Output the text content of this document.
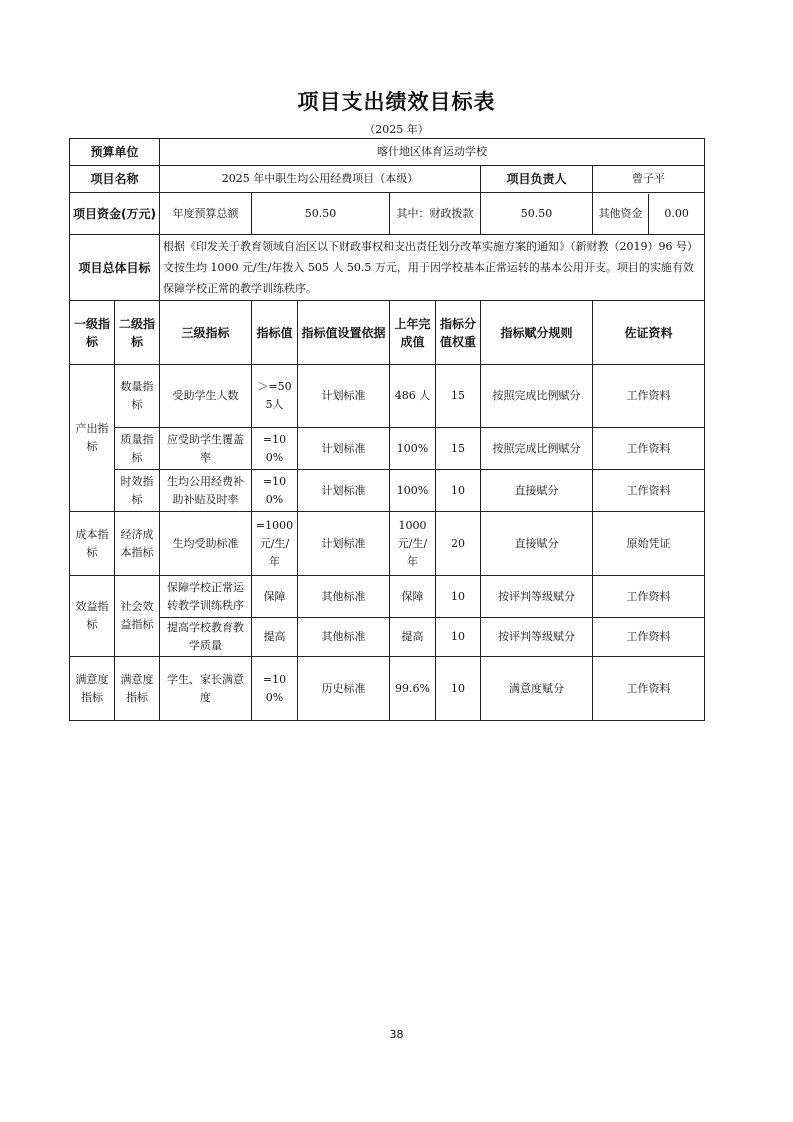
项目支出绩效目标表
（2025 年）
预算单位		喀什地区体育运动学校						
项目名称		2025 年中职生均公用经费项目（本级）					项目负责人	曾子平
项目资金(万元)		年度预算总额	50.50		其中：财政拨款		50.50	其他资金 0.00

项目总体目标		根据《印发关于教育领域自治区以下财政事权和支出责任划分改革实施方案的通知》（新财教（2019）96 号）文按生均 1000 元/生/年拨入 505 人 50.5 万元，用于因学校基本正常运转的基本公用开支。项目的实施有效保障学校正常的教学训练秩序。						
一级指标	二级指标	三级指标	指标值	指标值设置依据	上年完成值	指标分值权重	指标赋分规则	佐证资料
产出指标	数量指标	受助学生人数	＞=505人	计划标准	486 人	15	按照完成比例赋分	工作资料
	质量指标	应受助学生覆盖率	=100%	计划标准	100%	15	按照完成比例赋分	工作资料
	时效指标	生均公用经费补助补贴及时率	=100%	计划标准	100%	10	直接赋分	工作资料
成本指标	经济成本指标	生均受助标准	=1000元/生/年	计划标准	1000元/生/年	20	直接赋分	原始凭证
效益指标	社会效益指标	保障学校正常运转教学训练秩序	保障	其他标准	保障	10	按评判等级赋分	工作资料
		提高学校教育教学质量	提高	其他标准	提高	10	按评判等级赋分	工作资料
满意度指标	满意度指标	学生、家长满意度	=100%	历史标准	99.6%	10	满意度赋分	工作资料
38
